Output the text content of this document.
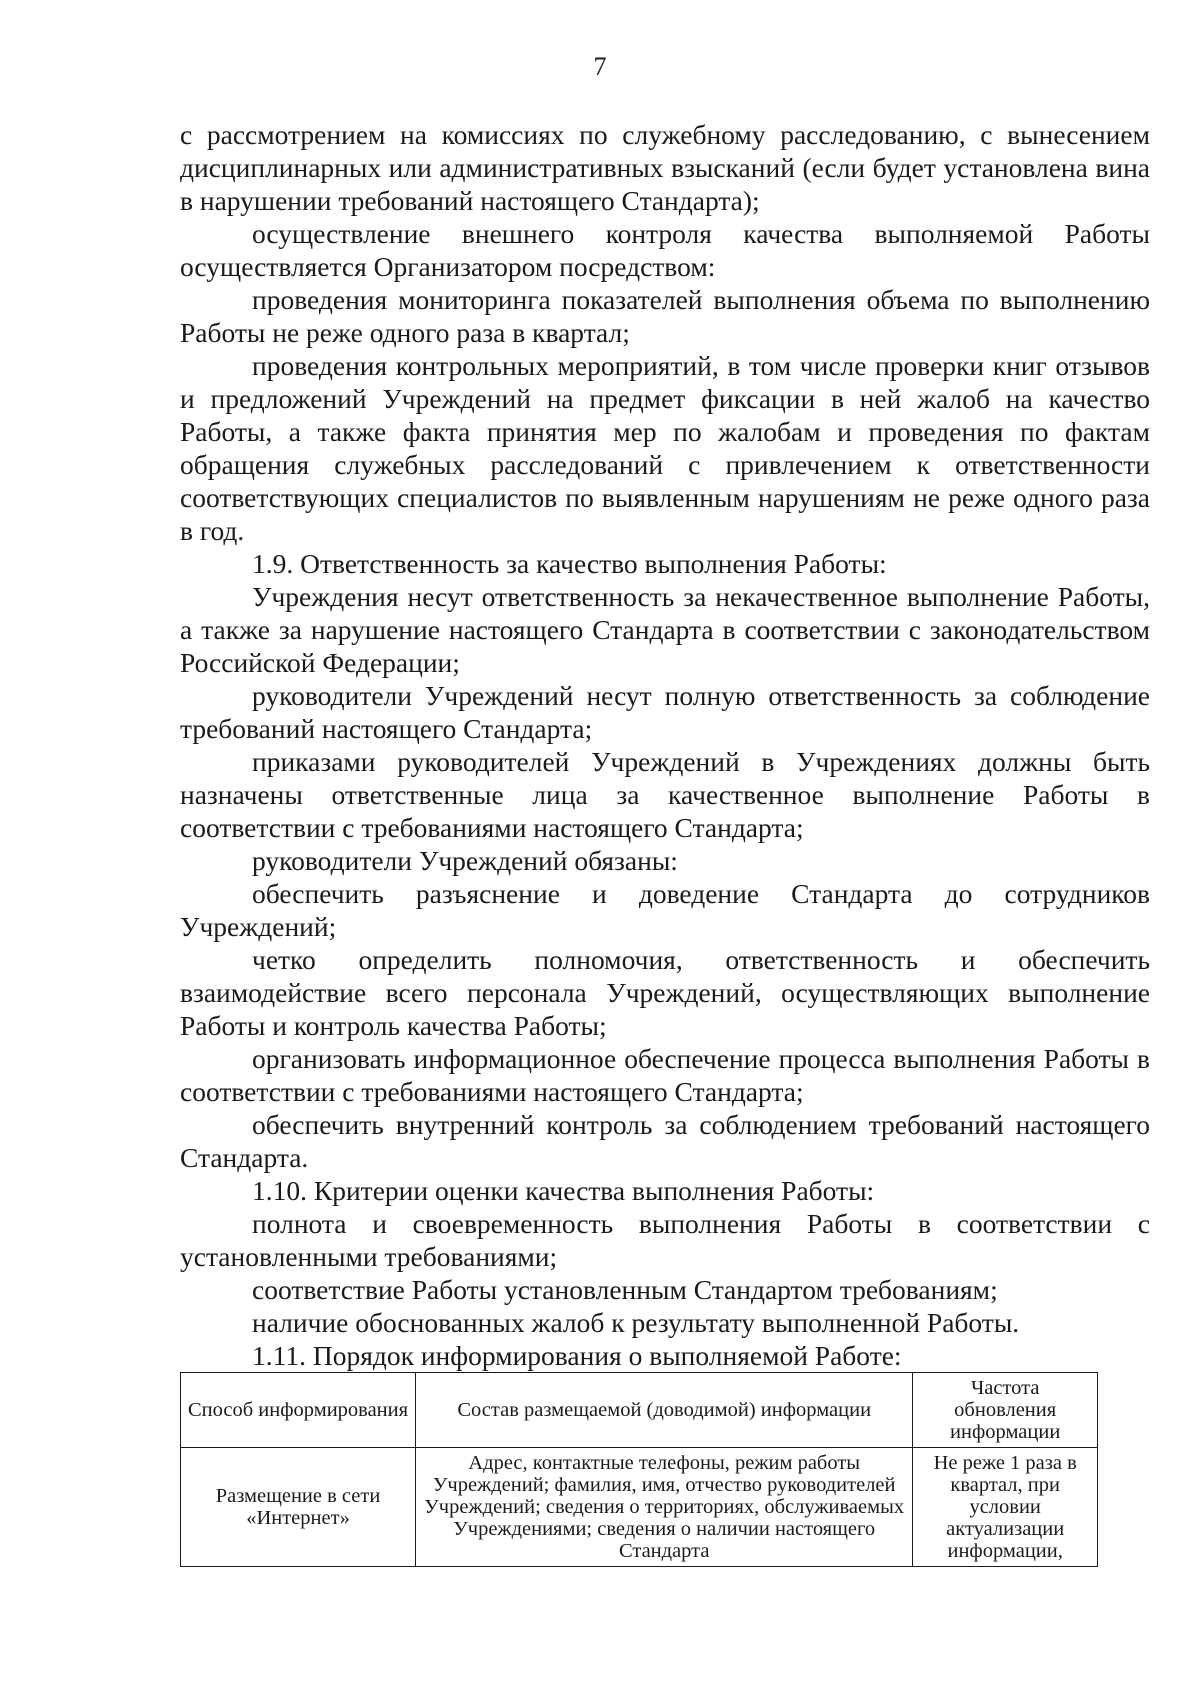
7

с рассмотрением на комиссиях по служебному расследованию, с вынесением дисциплинарных или административных взысканий (если будет установлена вина в нарушении требований настоящего Стандарта);

осуществление внешнего контроля качества выполняемой Работы осуществляется Организатором посредством:

проведения мониторинга показателей выполнения объема по выполнению Работы не реже одного раза в квартал;

проведения контрольных мероприятий, в том числе проверки книг отзывов и предложений Учреждений на предмет фиксации в ней жалоб на качество Работы, а также факта принятия мер по жалобам и проведения по фактам обращения служебных расследований с привлечением к ответственности соответствующих специалистов по выявленным нарушениям не реже одного раза в год.

1.9. Ответственность за качество выполнения Работы:

Учреждения несут ответственность за некачественное выполнение Работы, а также за нарушение настоящего Стандарта в соответствии с законодательством Российской Федерации;

руководители Учреждений несут полную ответственность за соблюдение требований настоящего Стандарта;

приказами руководителей Учреждений в Учреждениях должны быть назначены ответственные лица за качественное выполнение Работы в соответствии с требованиями настоящего Стандарта;

руководители Учреждений обязаны:

обеспечить разъяснение и доведение Стандарта до сотрудников Учреждений;

четко определить полномочия, ответственность и обеспечить взаимодействие всего персонала Учреждений, осуществляющих выполнение Работы и контроль качества Работы;

организовать информационное обеспечение процесса выполнения Работы в соответствии с требованиями настоящего Стандарта;

обеспечить внутренний контроль за соблюдением требований настоящего Стандарта.

1.10. Критерии оценки качества выполнения Работы:

полнота и своевременность выполнения Работы в соответствии с установленными требованиями;

соответствие Работы установленным Стандартом требованиям;

наличие обоснованных жалоб к результату выполненной Работы.

1.11. Порядок информирования о выполняемой Работе:

Способ информирования	Состав размещаемой (доводимой) информации	Частота обновления информации
Размещение в сети «Интернет»	Адрес, контактные телефоны, режим работы Учреждений; фамилия, имя, отчество руководителей Учреждений; сведения о территориях, обслуживаемых Учреждениями; сведения о наличии настоящего Стандарта	Не реже 1 раза в квартал, при условии актуализации информации,
